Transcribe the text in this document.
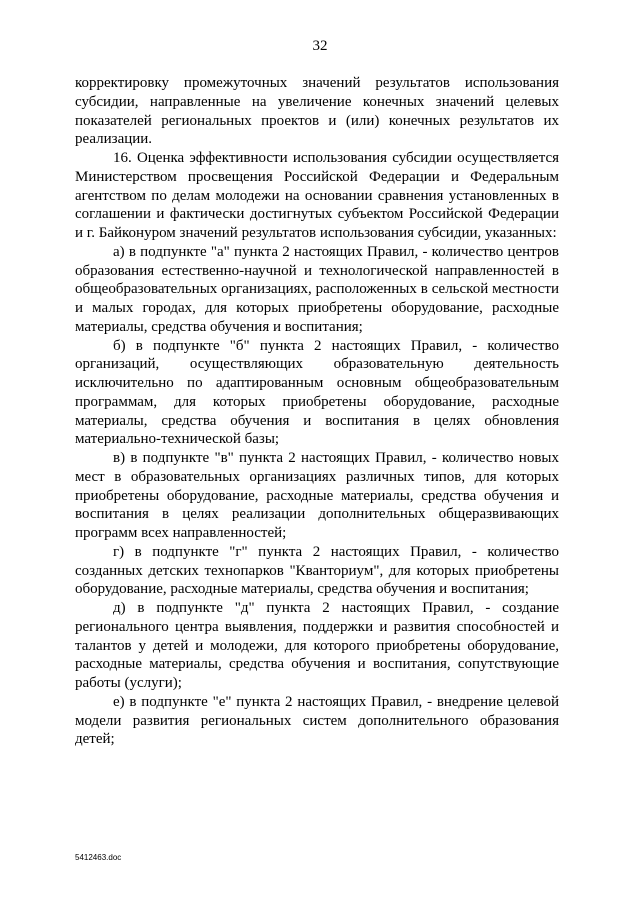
32

корректировку промежуточных значений результатов использования субсидии, направленные на увеличение конечных значений целевых показателей региональных проектов и (или) конечных результатов их реализации.

16. Оценка эффективности использования субсидии осуществляется Министерством просвещения Российской Федерации и Федеральным агентством по делам молодежи на основании сравнения установленных в соглашении и фактически достигнутых субъектом Российской Федерации и г. Байконуром значений результатов использования субсидии, указанных:

а) в подпункте "а" пункта 2 настоящих Правил, - количество центров образования естественно-научной и технологической направленностей в общеобразовательных организациях, расположенных в сельской местности и малых городах, для которых приобретены оборудование, расходные материалы, средства обучения и воспитания;

б) в подпункте "б" пункта 2 настоящих Правил, - количество организаций, осуществляющих образовательную деятельность исключительно по адаптированным основным общеобразовательным программам, для которых приобретены оборудование, расходные материалы, средства обучения и воспитания в целях обновления материально-технической базы;

в) в подпункте "в" пункта 2 настоящих Правил, - количество новых мест в образовательных организациях различных типов, для которых приобретены оборудование, расходные материалы, средства обучения и воспитания в целях реализации дополнительных общеразвивающих программ всех направленностей;

г) в подпункте "г" пункта 2 настоящих Правил, - количество созданных детских технопарков "Кванториум", для которых приобретены оборудование, расходные материалы, средства обучения и воспитания;

д) в подпункте "д" пункта 2 настоящих Правил, - создание регионального центра выявления, поддержки и развития способностей и талантов у детей и молодежи, для которого приобретены оборудование, расходные материалы, средства обучения и воспитания, сопутствующие работы (услуги);

е) в подпункте "е" пункта 2 настоящих Правил, - внедрение целевой модели развития региональных систем дополнительного образования детей;

5412463.doc
